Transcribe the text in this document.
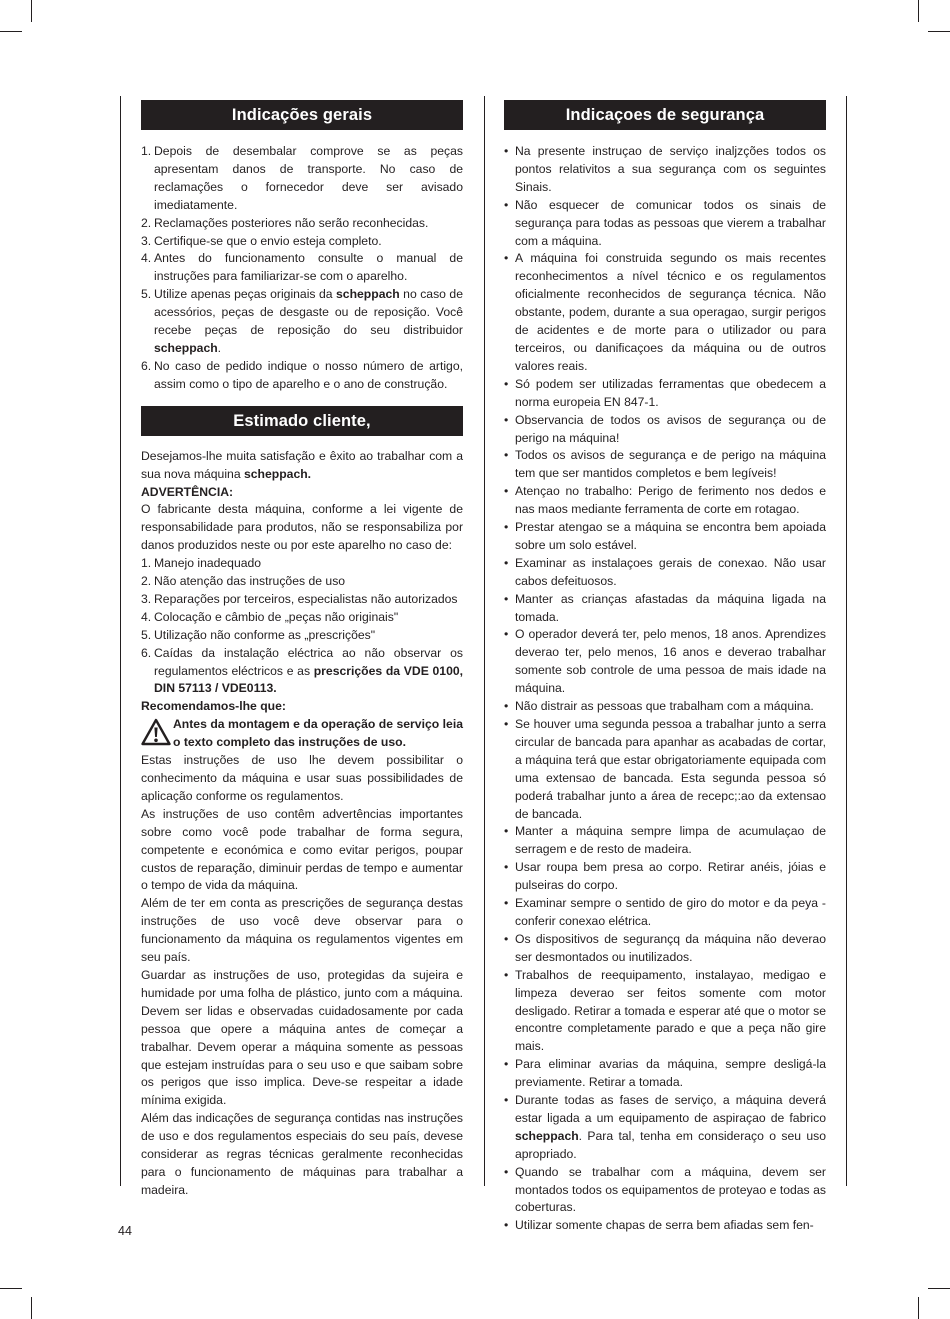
Indicações gerais
1. Depois de desembalar comprove se as peças apresentam danos de transporte. No caso de reclamações o fornecedor deve ser avisado imediatamente.
2. Reclamações posteriores não serão reconhecidas.
3. Certifique-se que o envio esteja completo.
4. Antes do funcionamento consulte o manual de instruções para familiarizar-se com o aparelho.
5. Utilize apenas peças originais da scheppach no caso de acessórios, peças de desgaste ou de reposição. Você recebe peças de reposição do seu distribuidor scheppach.
6. No caso de pedido indique o nosso número de artigo, assim como o tipo de aparelho e o ano de construção.
Estimado cliente,

Desejamos-lhe muita satisfação e êxito ao trabalhar com a sua nova máquina scheppach.

ADVERTÊNCIA:

O fabricante desta máquina, conforme a lei vigente de responsabilidade para produtos, não se responsabiliza por danos produzidos neste ou por este aparelho no caso de:

1. Manejo inadequado
2. Não atenção das instruções de uso
3. Reparações por terceiros, especialistas não autorizados
4. Colocação e câmbio de „peças não originais"
5. Utilização não conforme as „prescrições"
6. Caídas da instalação eléctrica ao não observar os regulamentos eléctricos e as prescrições da VDE 0100, DIN 57113 / VDE0113.

Recomendamos-lhe que:

Antes da montagem e da operação de serviço leia o texto completo das instruções de uso.

Estas instruções de uso lhe devem possibilitar o conhecimento da máquina e usar suas possibilidades de aplicação conforme os regulamentos.

As instruções de uso contêm advertências importantes sobre como você pode trabalhar de forma segura, competente e económica e como evitar perigos, poupar custos de reparação, diminuir perdas de tempo e aumentar o tempo de vida da máquina.

Além de ter em conta as prescrições de segurança destas instruções de uso você deve observar para o funcionamento da máquina os regulamentos vigentes em seu país.

Guardar as instruções de uso, protegidas da sujeira e humidade por uma folha de plástico, junto com a máquina. Devem ser lidas e observadas cuidadosamente por cada pessoa que opere a máquina antes de começar a trabalhar. Devem operar a máquina somente as pessoas que estejam instruídas para o seu uso e que saibam sobre os perigos que isso implica. Deve-se respeitar a idade mínima exigida.

Além das indicações de segurança contidas nas instruções de uso e dos regulamentos especiais do seu país, devese considerar as regras técnicas geralmente reconhecidas para o funcionamento de máquinas para trabalhar a madeira.

Indicaçoes de segurança
• Na presente instruçao de serviço inaljzções todos os pontos relativitos a sua segurança com os seguintes Sinais.
• Não esquecer de comunicar todos os sinais de segurança para todas as pessoas que vierem a trabalhar com a máquina.
• A máquina foi construida segundo os mais recentes reconhecimentos a nível técnico e os regulamentos oficialmente reconhecidos de segurança técnica. Não obstante, podem, durante a sua operagao, surgir perigos de acidentes e de morte para o utilizador ou para terceiros, ou danificaçoes da máquina ou de outros valores reais.
• Só podem ser utilizadas ferramentas que obedecem a norma europeia EN 847-1.
• Observancia de todos os avisos de segurança ou de perigo na máquina!
• Todos os avisos de segurança e de perigo na máquina tem que ser mantidos completos e bem legíveis!
• Atençao no trabalho: Perigo de ferimento nos dedos e nas maos mediante ferramenta de corte em rotagao.
• Prestar atengao se a máquina se encontra bem apoiada sobre um solo estável.
• Examinar as instalaçoes gerais de conexao. Não usar cabos defeituosos.
• Manter as crianças afastadas da máquina ligada na tomada.
• O operador deverá ter, pelo menos, 18 anos. Aprendizes deverao ter, pelo menos, 16 anos e deverao trabalhar somente sob controle de uma pessoa de mais idade na máquina.
• Não distrair as pessoas que trabalham com a máquina.
• Se houver uma segunda pessoa a trabalhar junto a serra circular de bancada para apanhar as acabadas de cortar, a máquina terá que estar obrigatoriamente equipada com uma extensao de bancada. Esta segunda pessoa só poderá trabalhar junto a área de recepc;:ao da extensao de bancada.
• Manter a máquina sempre limpa de acumulaçao de serragem e de resto de madeira.
• Usar roupa bem presa ao corpo. Retirar anéis, jóias e pulseiras do corpo.
• Examinar sempre o sentido de giro do motor e da peya - conferir conexao elétrica.
• Os dispositivos de segurançq da máquina não deverao ser desmontados ou inutilizados.
• Trabalhos de reequipamento, instalayao, medigao e limpeza deverao ser feitos somente com motor desligado. Retirar a tomada e esperar até que o motor se encontre completamente parado e que a peça não gire mais.
• Para eliminar avarias da máquina, sempre desligá-la previamente. Retirar a tomada.
• Durante todas as fases de serviço, a máquina deverá estar ligada a um equipamento de aspiraçao de fabrico scheppach. Para tal, tenha em consideraço o seu uso apropriado.
• Quando se trabalhar com a máquina, devem ser montados todos os equipamentos de proteyao e todas as coberturas.
• Utilizar somente chapas de serra bem afiadas sem fen-
44
